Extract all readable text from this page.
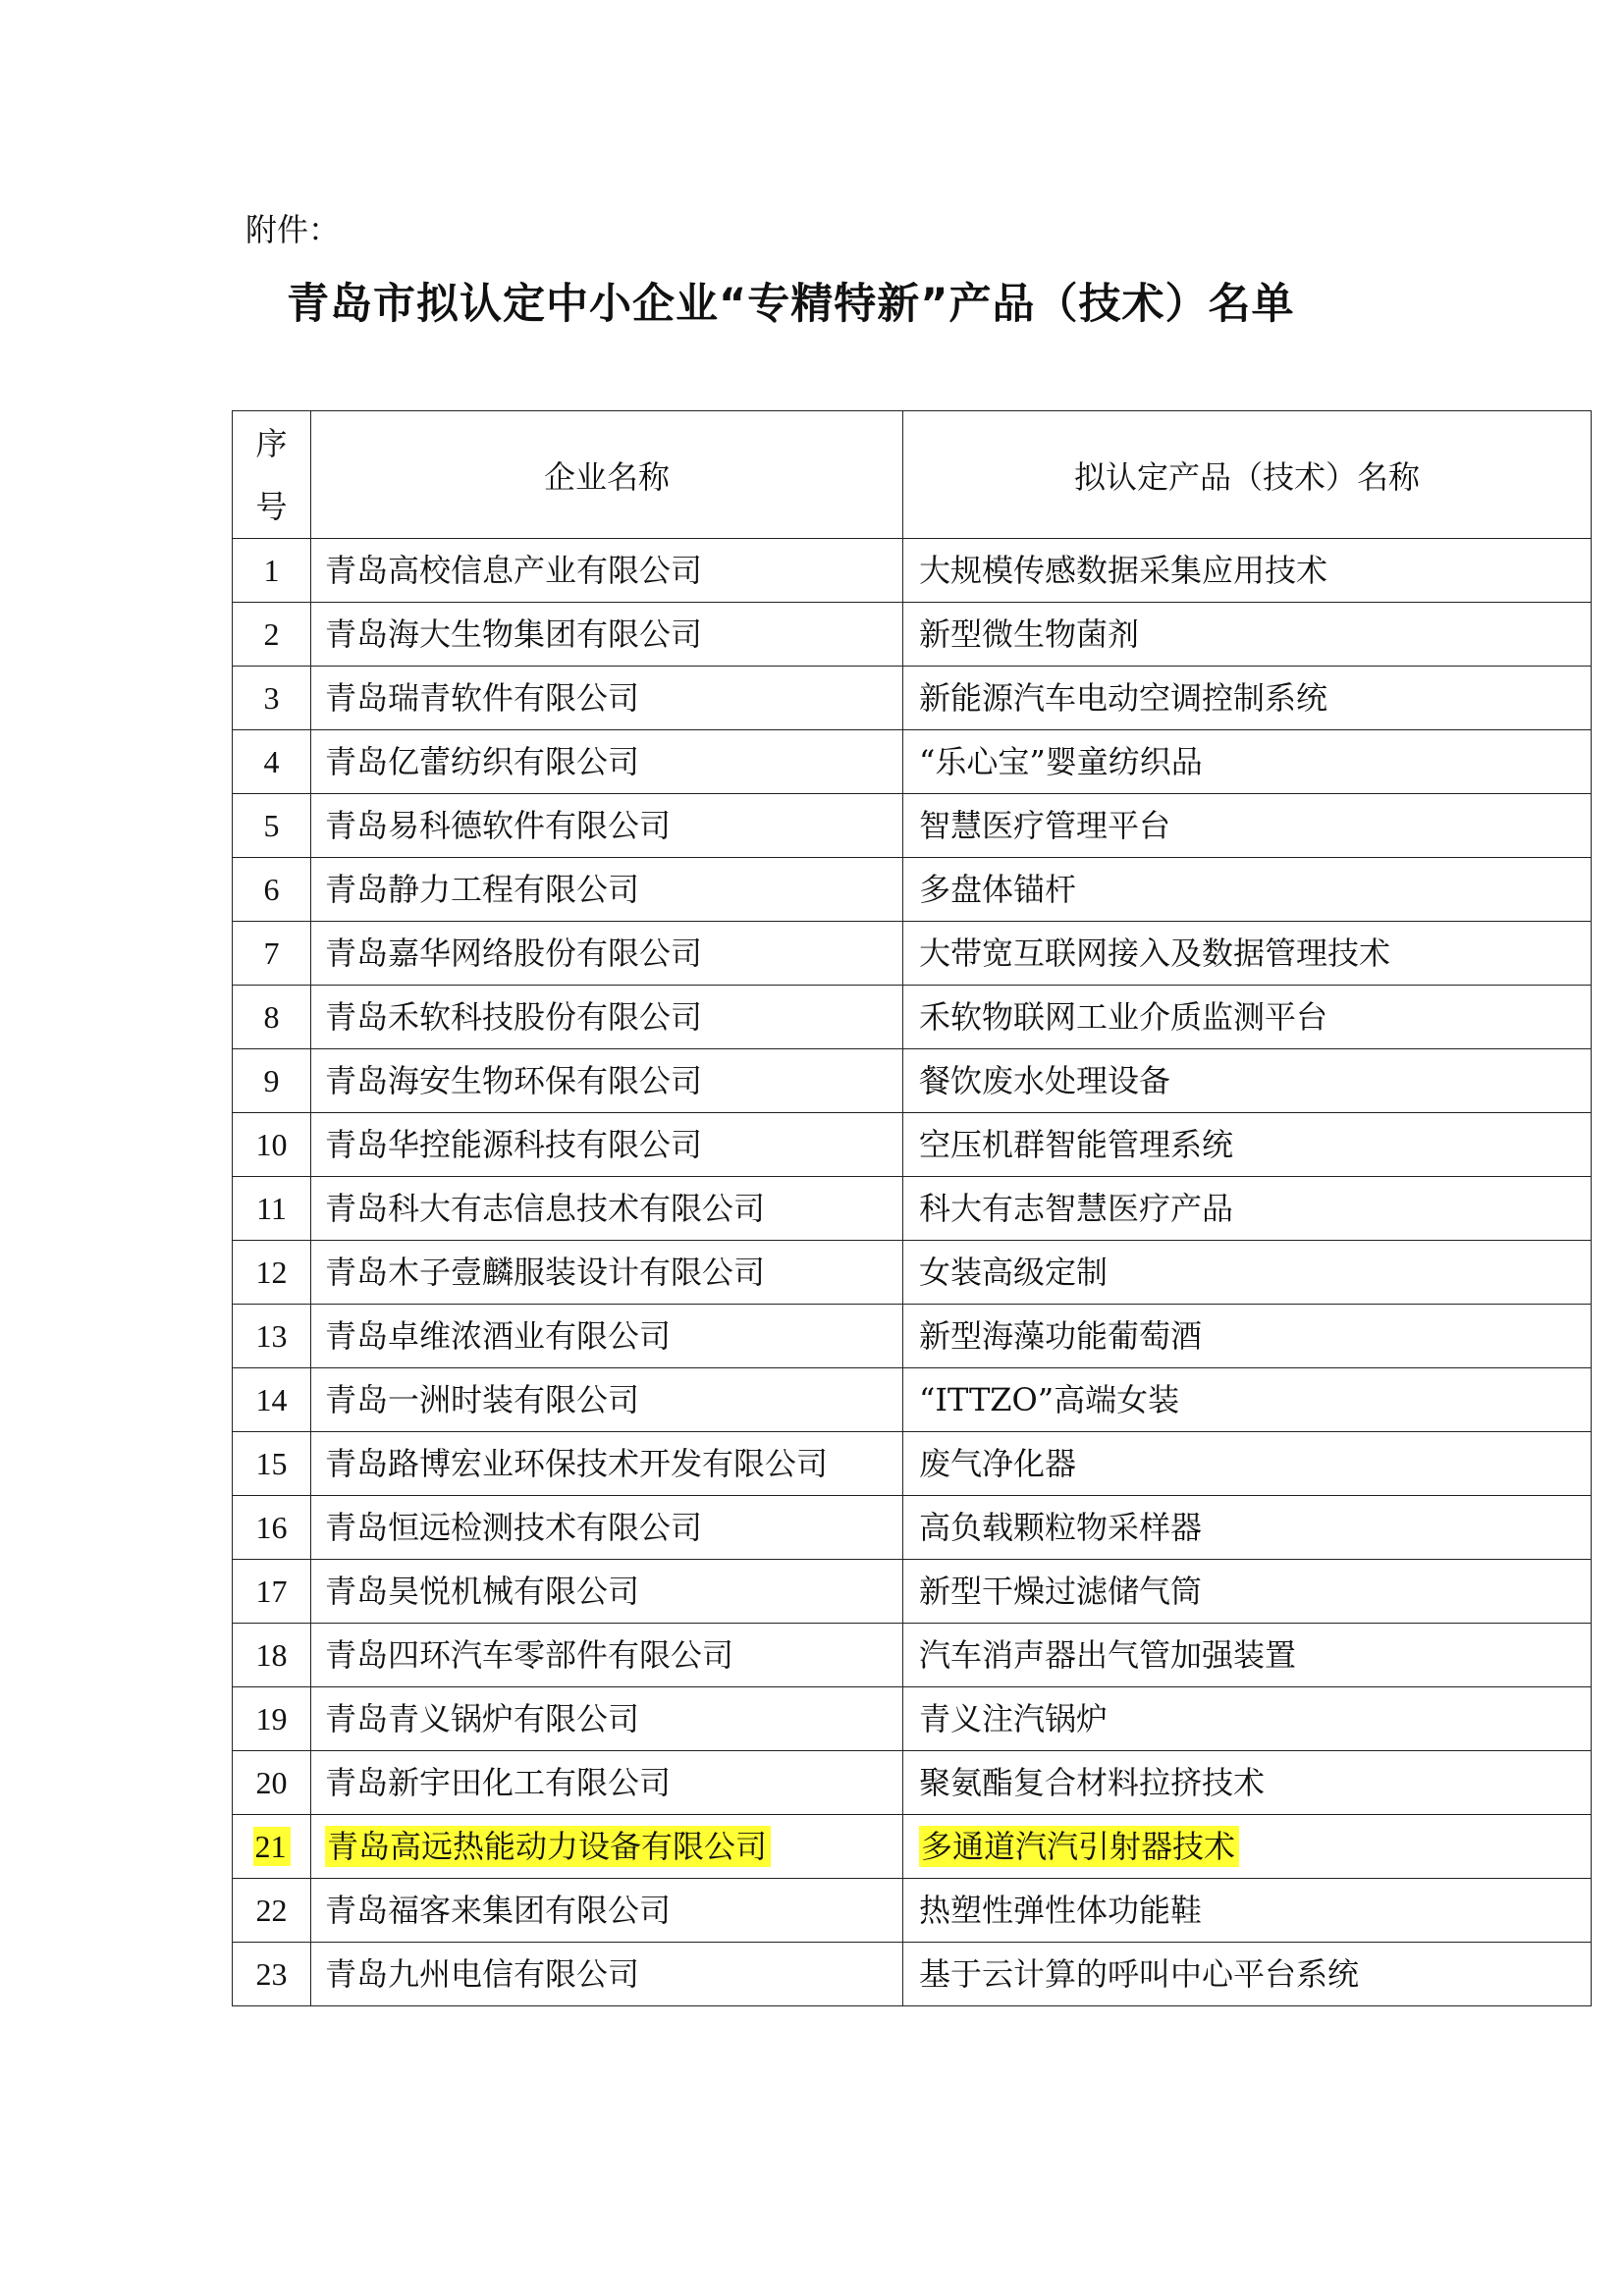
附件：
青岛市拟认定中小企业“专精特新”产品（技术）名单
序
号	企业名称	拟认定产品（技术）名称
1	青岛高校信息产业有限公司	大规模传感数据采集应用技术
2	青岛海大生物集团有限公司	新型微生物菌剂
3	青岛瑞青软件有限公司	新能源汽车电动空调控制系统
4	青岛亿蕾纺织有限公司	“乐心宝”婴童纺织品
5	青岛易科德软件有限公司	智慧医疗管理平台
6	青岛静力工程有限公司	多盘体锚杆
7	青岛嘉华网络股份有限公司	大带宽互联网接入及数据管理技术
8	青岛禾软科技股份有限公司	禾软物联网工业介质监测平台
9	青岛海安生物环保有限公司	餐饮废水处理设备
10	青岛华控能源科技有限公司	空压机群智能管理系统
11	青岛科大有志信息技术有限公司	科大有志智慧医疗产品
12	青岛木子壹麟服装设计有限公司	女装高级定制
13	青岛卓维浓酒业有限公司	新型海藻功能葡萄酒
14	青岛一洲时装有限公司	“ITTZO”高端女装
15	青岛路博宏业环保技术开发有限公司	废气净化器
16	青岛恒远检测技术有限公司	高负载颗粒物采样器
17	青岛昊悦机械有限公司	新型干燥过滤储气筒
18	青岛四环汽车零部件有限公司	汽车消声器出气管加强装置
19	青岛青义锅炉有限公司	青义注汽锅炉
20	青岛新宇田化工有限公司	聚氨酯复合材料拉挤技术
21	青岛高远热能动力设备有限公司	多通道汽汽引射器技术
22	青岛福客来集团有限公司	热塑性弹性体功能鞋
23	青岛九州电信有限公司	基于云计算的呼叫中心平台系统
